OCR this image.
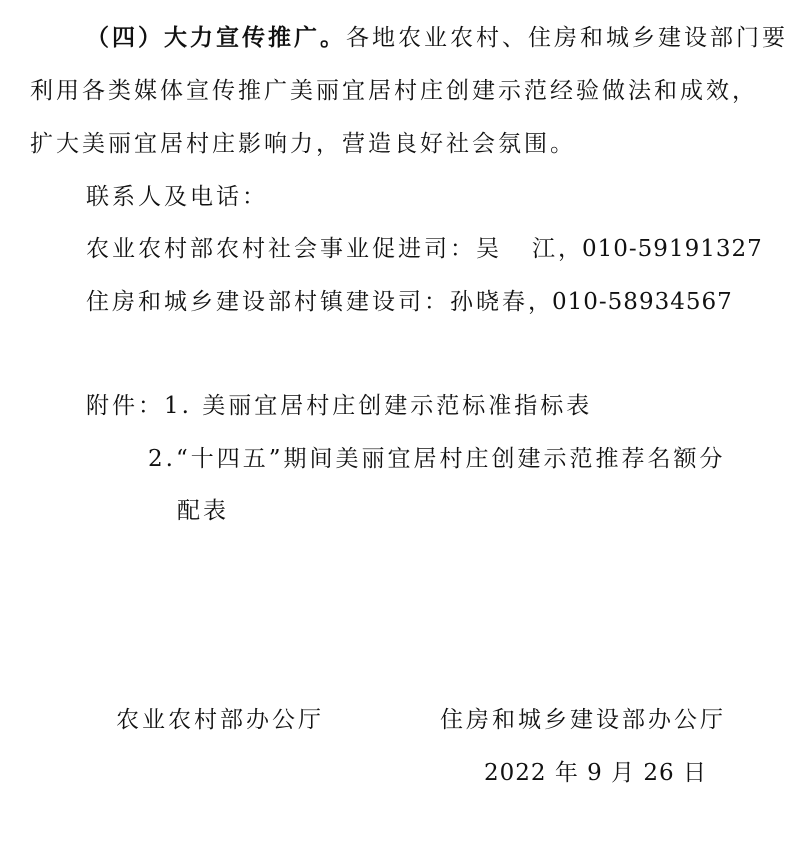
（四）大力宣传推广。各地农业农村、住房和城乡建设部门要
利用各类媒体宣传推广美丽宜居村庄创建示范经验做法和成效，
扩大美丽宜居村庄影响力，营造良好社会氛围。
联系人及电话：
农业农村部农村社会事业促进司：吴 江，010-59191327
住房和城乡建设部村镇建设司：孙晓春，010-58934567
附件：1. 美丽宜居村庄创建示范标准指标表
2.“十四五”期间美丽宜居村庄创建示范推荐名额分
配表
农业农村部办公厅	住房和城乡建设部办公厅
2022 年 9 月 26 日
